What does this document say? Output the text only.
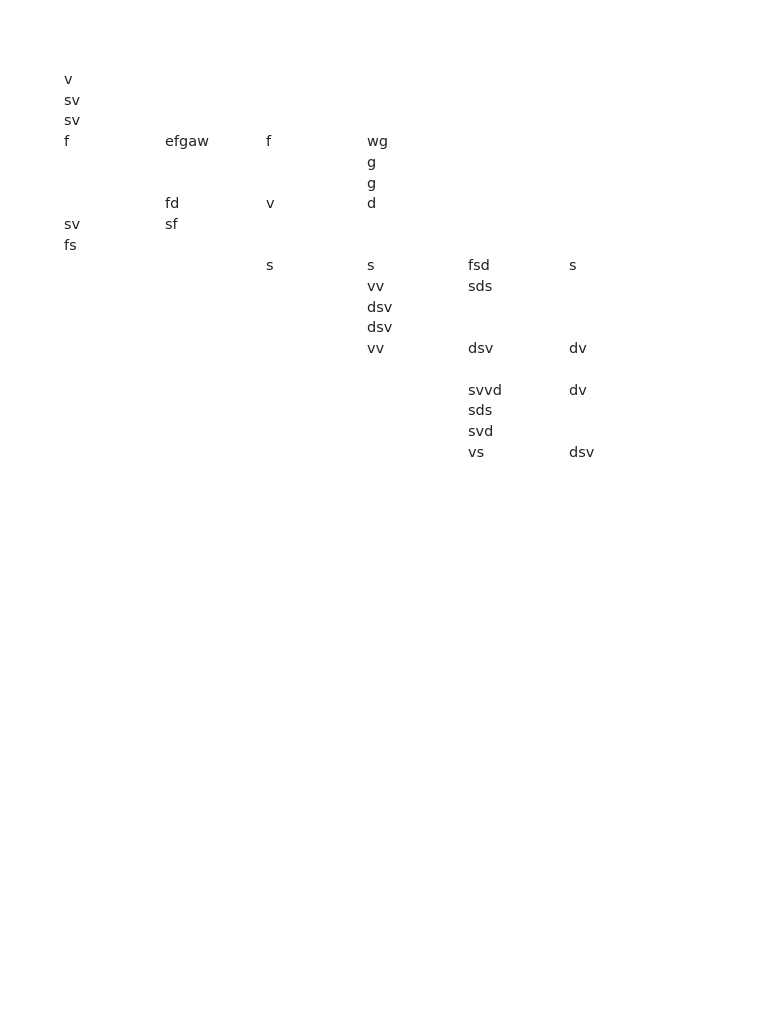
v					
sv					
sv					
f	efgaw	f	wg		
			g		
			g		
	fd	v	d		
sv	sf				
fs					
		s	s	fsd	s
			vv	sds	
			dsv		
			dsv		
			vv	dsv	dv

				svvd	dv
				sds	
				svd	
				vs	dsv
